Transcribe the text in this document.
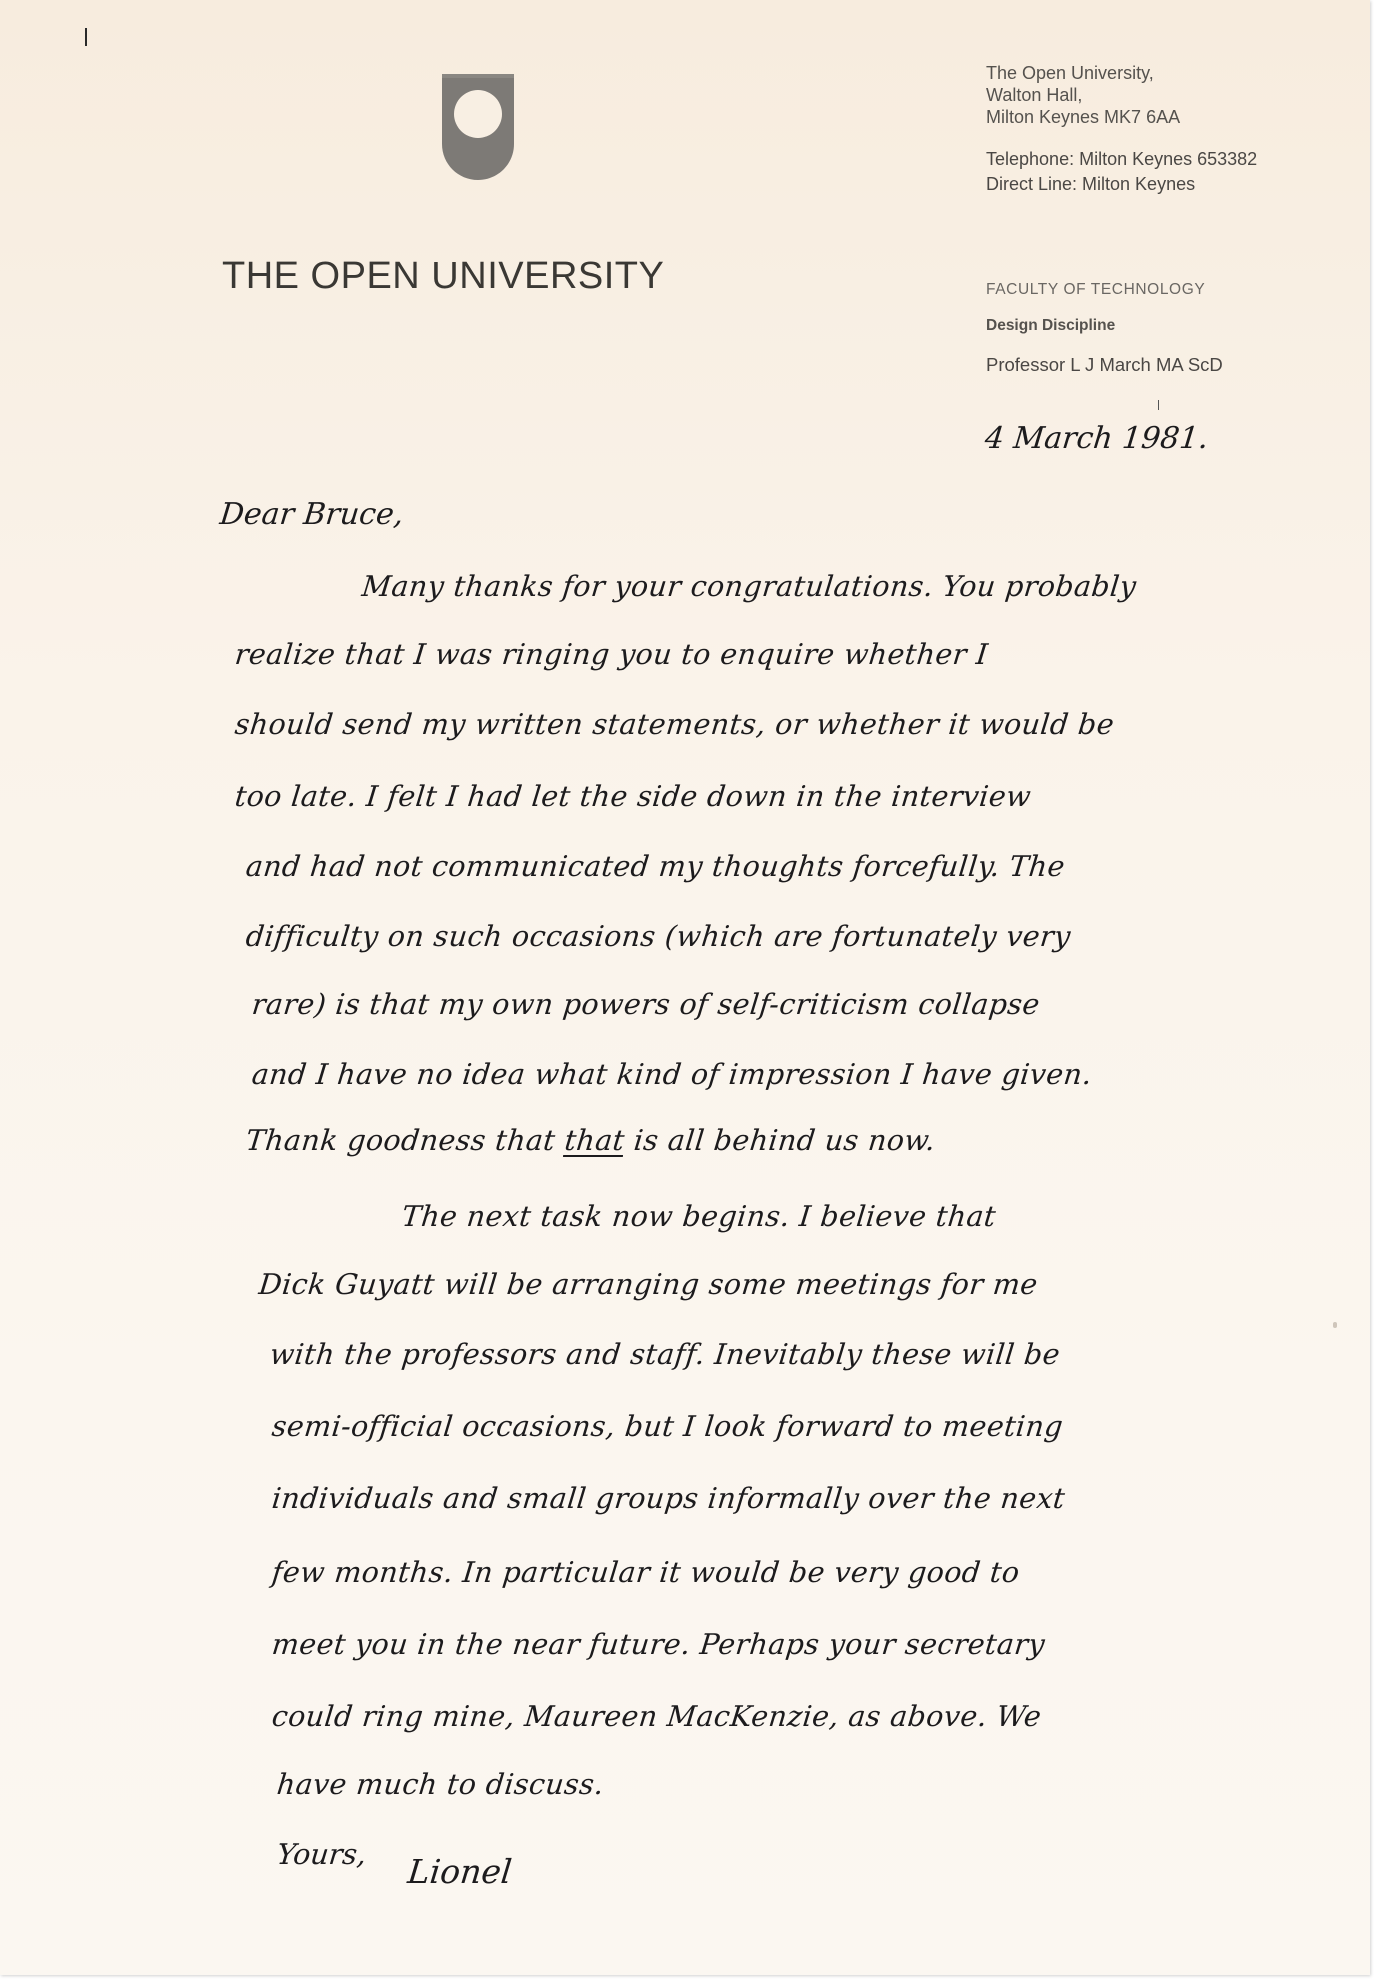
THE OPEN UNIVERSITY
The Open University,
Walton Hall,
Milton Keynes MK7 6AA
Telephone: Milton Keynes 653382
Direct Line: Milton Keynes
FACULTY OF TECHNOLOGY
Design Discipline
Professor L J March MA ScD
4 March 1981.
Dear Bruce,
Many thanks for your congratulations. You probably
realize that I was ringing you to enquire whether I
should send my written statements, or whether it would be
too late. I felt I had let the side down in the interview
and had not communicated my thoughts forcefully. The
difficulty on such occasions (which are fortunately very
rare) is that my own powers of self-criticism collapse
and I have no idea what kind of impression I have given.
Thank goodness that that is all behind us now.
The next task now begins. I believe that
Dick Guyatt will be arranging some meetings for me
with the professors and staff. Inevitably these will be
semi-official occasions, but I look forward to meeting
individuals and small groups informally over the next
few months. In particular it would be very good to
meet you in the near future. Perhaps your secretary
could ring mine, Maureen MacKenzie, as above. We
have much to discuss.
Yours, Lionel
